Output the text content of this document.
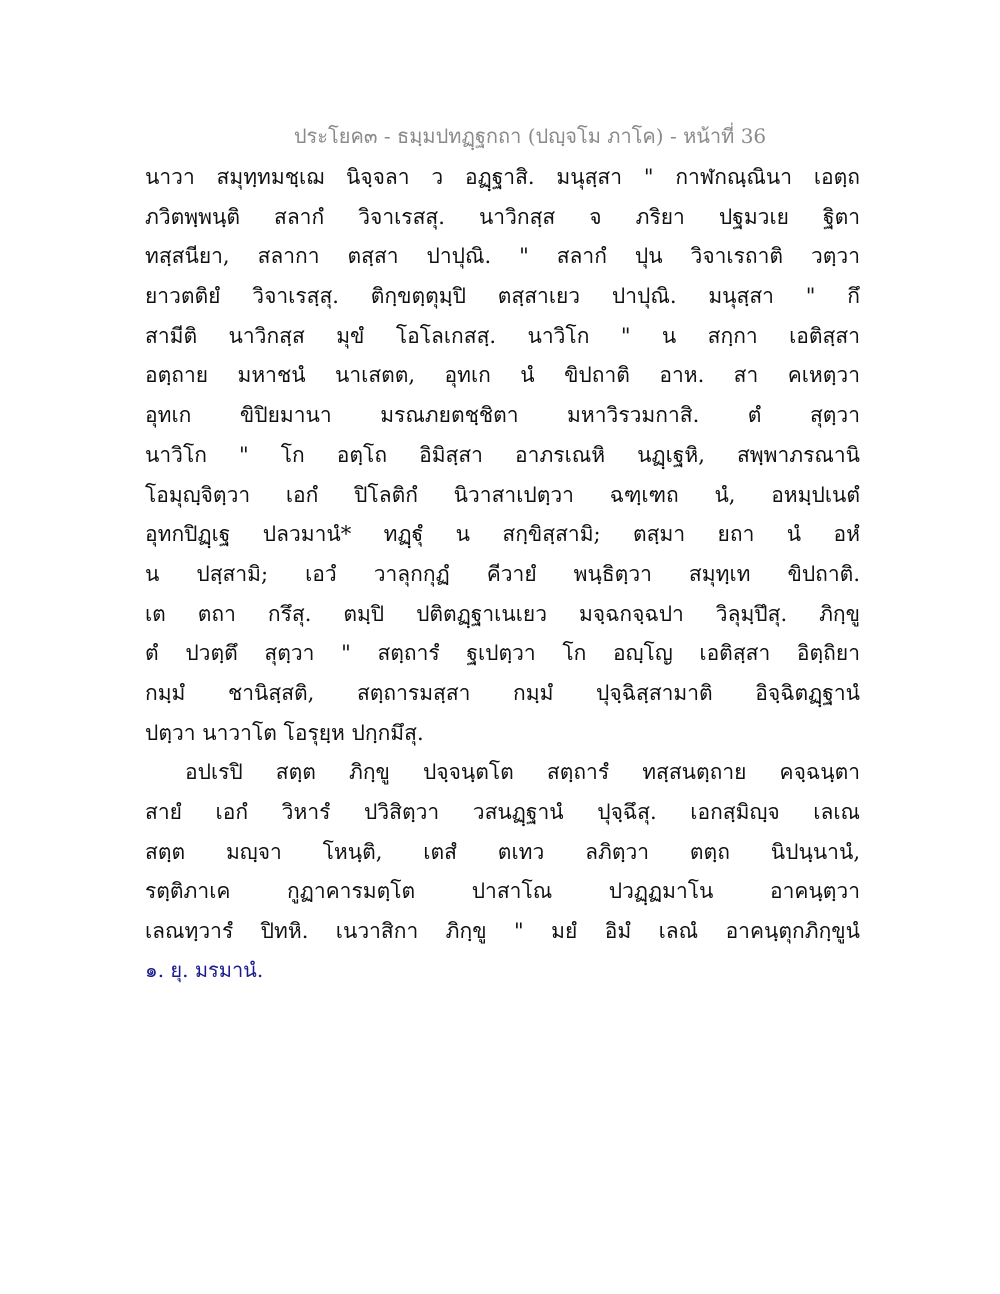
ประโยค๓ - ธมฺมปทฏฺฐกถา (ปญฺจโม ภาโค) - หน้าที่ 36
นาวา สมุทฺทมชฺเฌ นิจฺจลา ว อฏฺฐาสิ. มนุสฺสา " กาฬกณฺณินา เอตฺถ
ภวิตพฺพนฺติ สลากํ วิจาเรสสุ. นาวิกสฺส จ ภริยา ปฐมวเย ฐิตา
ทสฺสนียา, สลากา ตสฺสา ปาปุณิ. " สลากํ ปุน วิจาเรถาติ วตฺวา
ยาวตติยํ วิจาเรสฺสุ. ติกฺขตฺตุมฺปิ ตสฺสาเยว ปาปุณิ. มนุสฺสา " กึ
สามีติ นาวิกสฺส มุขํ โอโลเกสสฺ. นาวิโก " น สกฺกา เอติสฺสา
อตฺถาย มหาชนํ นาเสตต, อุทเก นํ ขิปถาติ อาห. สา คเหตฺวา
อุทเก ขิปิยมานา มรณภยตชฺชิตา มหาวิรวมกาสิ. ตํ สุตฺวา
นาวิโก " โก อตฺโถ อิมิสฺสา อาภรเณหิ นฏฺเฐหิ, สพฺพาภรณานิ
โอมุญฺจิตฺวา เอกํ ปิโลติกํ นิวาสาเปตฺวา ฉฑฺเฑถ นํ, อหมฺปเนตํ
อุทกปิฏฺเฐ ปลวมานํ* ทฏฺฐุํ น สกฺขิสฺสามิ; ตสฺมา ยถา นํ อหํ
น ปสฺสามิ; เอวํ วาลุกกุฏํ คีวายํ พนฺธิตฺวา สมุทฺเท ขิปถาติ.
เต ตถา กรึสุ. ตมฺปิ ปติตฏฺฐาเนเยว มจฺฉกจฺฉปา วิลุมฺปึสุ. ภิกฺขู
ตํ ปวตฺตึ สุตฺวา " สตฺถารํ ฐเปตฺวา โก อญฺโญ เอติสฺสา อิตฺถิยา
กมฺมํ ชานิสฺสติ, สตฺถารมสฺสา กมฺมํ ปุจฺฉิสฺสามาติ อิจฺฉิตฏฺฐานํ
ปตฺวา นาวาโต โอรุยฺห ปกฺกมึสุ.
อปเรปิ สตฺต ภิกฺขู ปจฺจนฺตโต สตฺถารํ ทสฺสนตฺถาย คจฺฉนฺตา
สายํ เอกํ วิหารํ ปวิสิตฺวา วสนฏฺฐานํ ปุจฺฉึสุ. เอกสฺมิญฺจ เลเณ
สตฺต มญฺจา โหนฺติ, เตสํ ตเทว ลภิตฺวา ตตฺถ นิปนฺนานํ,
รตฺติภาเค กูฏาคารมตฺโต ปาสาโณ ปวฏฺฏมาโน อาคนฺตฺวา
เลณทฺวารํ ปิทหิ. เนวาสิกา ภิกฺขู " มยํ อิมํ เลณํ อาคนฺตุกภิกฺขูนํ
๑. ยุ. มรมานํ.
